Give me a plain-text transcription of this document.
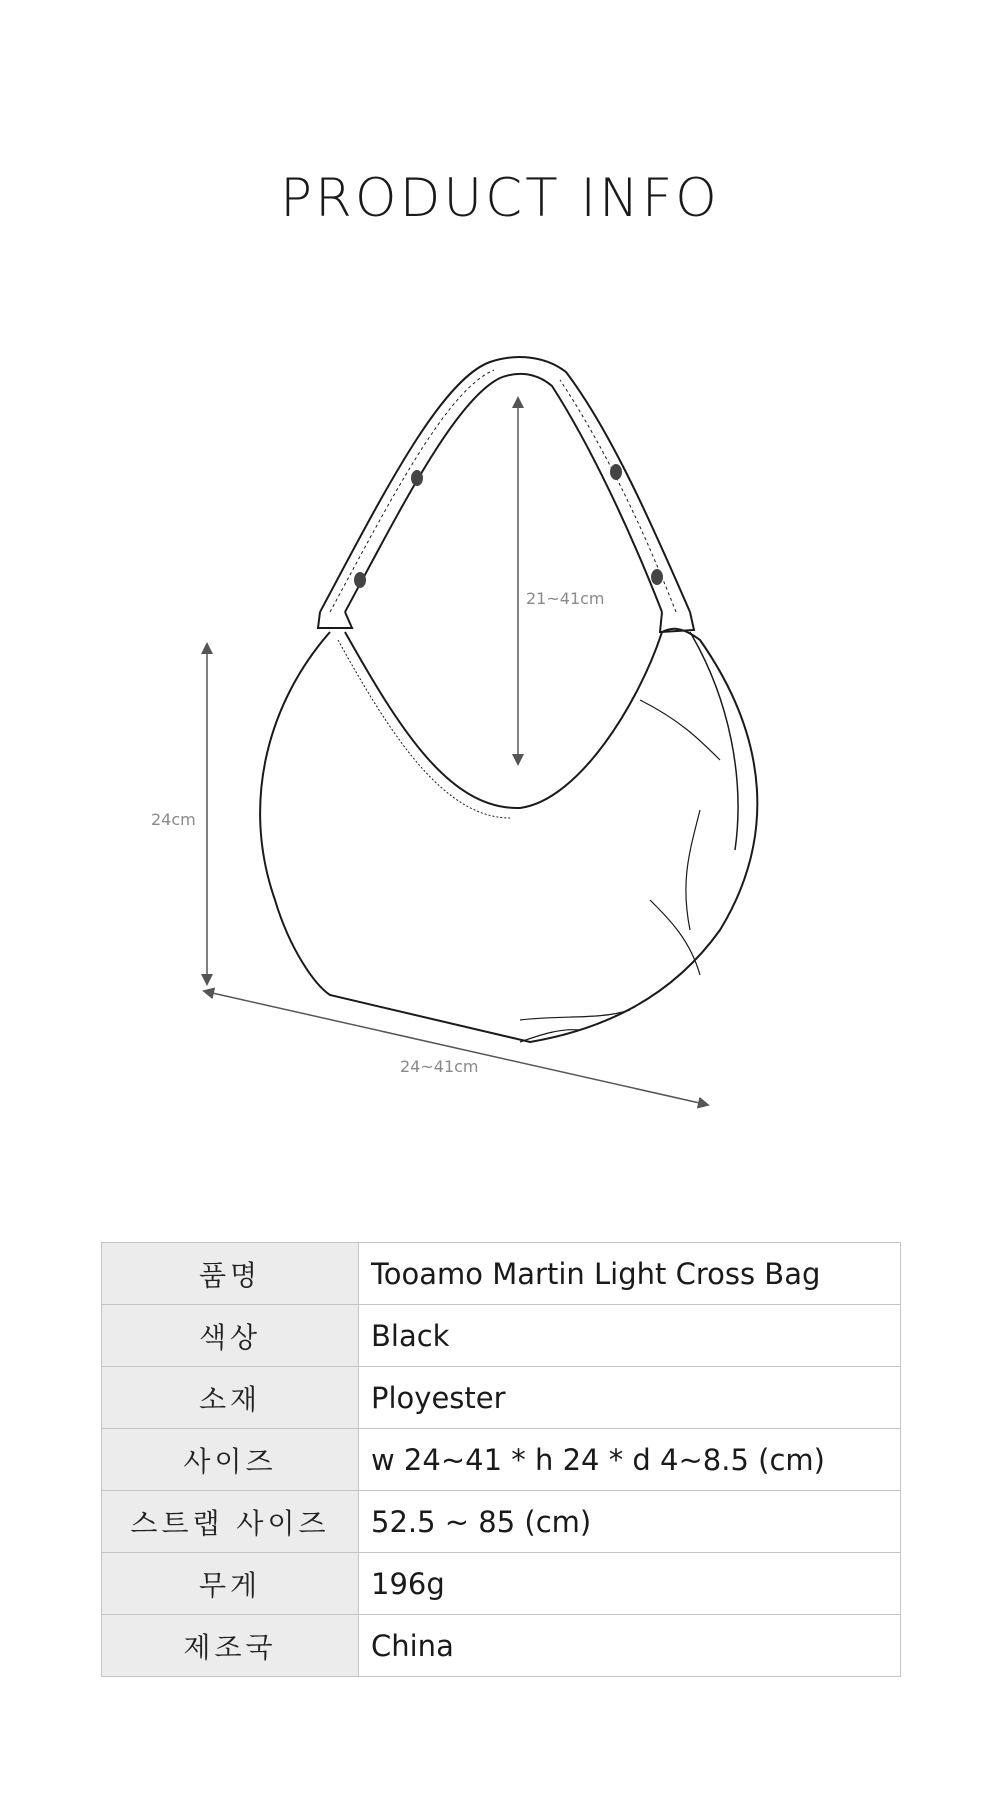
PRODUCT INFO
21~41cm
24cm
24~41cm
품명	Tooamo Martin Light Cross Bag
색상	Black
소재	Ployester
사이즈	w 24~41 * h 24 * d 4~8.5 (cm)
스트랩 사이즈	52.5 ~ 85 (cm)
무게	196g
제조국	China
